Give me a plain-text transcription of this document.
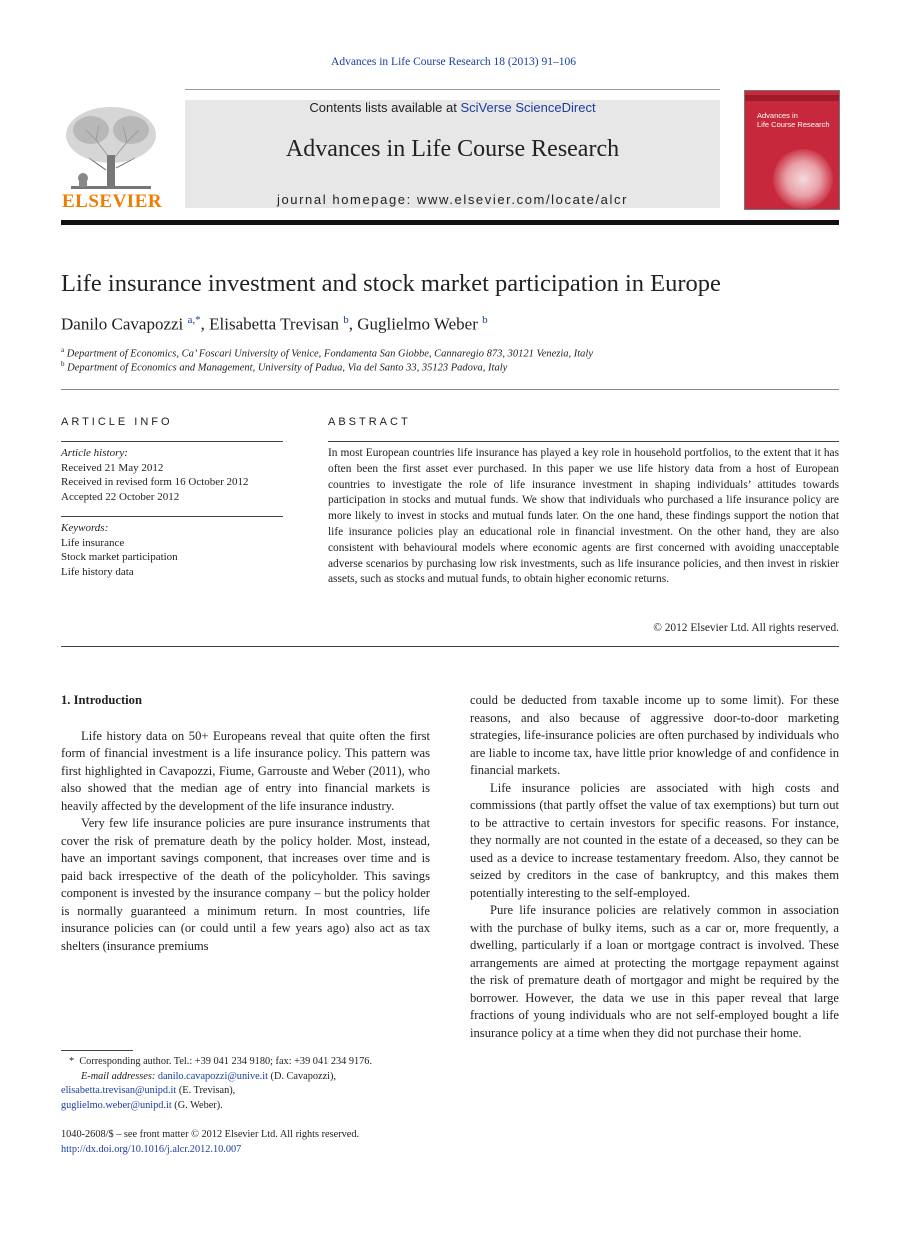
Advances in Life Course Research 18 (2013) 91–106
ELSEVIER
Contents lists available at SciVerse ScienceDirect
Advances in Life Course Research
journal homepage: www.elsevier.com/locate/alcr
Advances in
Life Course Research
Life insurance investment and stock market participation in Europe
Danilo Cavapozzi $^{a,*}$, Elisabetta Trevisan $^b$, Guglielmo Weber $^b$
$^a$ Department of Economics, Ca’ Foscari University of Venice, Fondamenta San Giobbe, Cannaregio 873, 30121 Venezia, Italy
$^b$ Department of Economics and Management, University of Padua, Via del Santo 33, 35123 Padova, Italy
ARTICLE INFO
Article history:
Received 21 May 2012
Received in revised form 16 October 2012
Accepted 22 October 2012
Keywords:
Life insurance
Stock market participation
Life history data
ABSTRACT
In most European countries life insurance has played a key role in household portfolios, to the extent that it has often been the first asset ever purchased. In this paper we use life history data from a host of European countries to investigate the role of life insurance investment in shaping individuals’ attitudes towards participation in stocks and mutual funds. We show that individuals who purchased a life insurance policy are more likely to invest in stocks and mutual funds later. On the one hand, these findings support the notion that life insurance policies play an educational role in financial investment. On the other hand, they are also consistent with behavioural models where economic agents are first concerned with avoiding unacceptable adverse scenarios by purchasing low risk investments, such as life insurance policies, and then invest in riskier assets, such as stocks and mutual funds, to obtain higher economic returns.
© 2012 Elsevier Ltd. All rights reserved.
1. Introduction

Life history data on 50+ Europeans reveal that quite often the first form of financial investment is a life insurance policy. This pattern was first highlighted in Cavapozzi, Fiume, Garrouste and Weber (2011), who also showed that the median age of entry into financial markets is heavily affected by the development of the life insurance industry.

Very few life insurance policies are pure insurance instruments that cover the risk of premature death by the policy holder. Most, instead, have an important savings component, that increases over time and is paid back irrespective of the death of the policyholder. This savings component is invested by the insurance company – but the policy holder is normally guaranteed a minimum return. In most countries, life insurance policies can (or could until a few years ago) also act as tax shelters (insurance premiums

could be deducted from taxable income up to some limit). For these reasons, and also because of aggressive door-to-door marketing strategies, life-insurance policies are often purchased by individuals who are liable to income tax, have little prior knowledge of and confidence in financial markets.

Life insurance policies are associated with high costs and commissions (that partly offset the value of tax exemptions) but turn out to be attractive to certain investors for specific reasons. For instance, they normally are not counted in the estate of a deceased, so they can be used as a device to increase testamentary freedom. Also, they cannot be seized by creditors in the case of bankruptcy, and this makes them potentially interesting to the self-employed.

Pure life insurance policies are relatively common in association with the purchase of bulky items, such as a car or, more frequently, a dwelling, particularly if a loan or mortgage contract is involved. These arrangements are aimed at protecting the mortgage repayment against the risk of premature death of mortgagor and might be required by the borrower. However, the data we use in this paper reveal that large fractions of young individuals who are not self-employed bought a life insurance policy at a time when they did not purchase their home.

* Corresponding author. Tel.: +39 041 234 9180; fax: +39 041 234 9176.
E-mail addresses: danilo.cavapozzi@unive.it (D. Cavapozzi),
elisabetta.trevisan@unipd.it (E. Trevisan),
guglielmo.weber@unipd.it (G. Weber).
1040-2608/$ – see front matter © 2012 Elsevier Ltd. All rights reserved.
http://dx.doi.org/10.1016/j.alcr.2012.10.007
